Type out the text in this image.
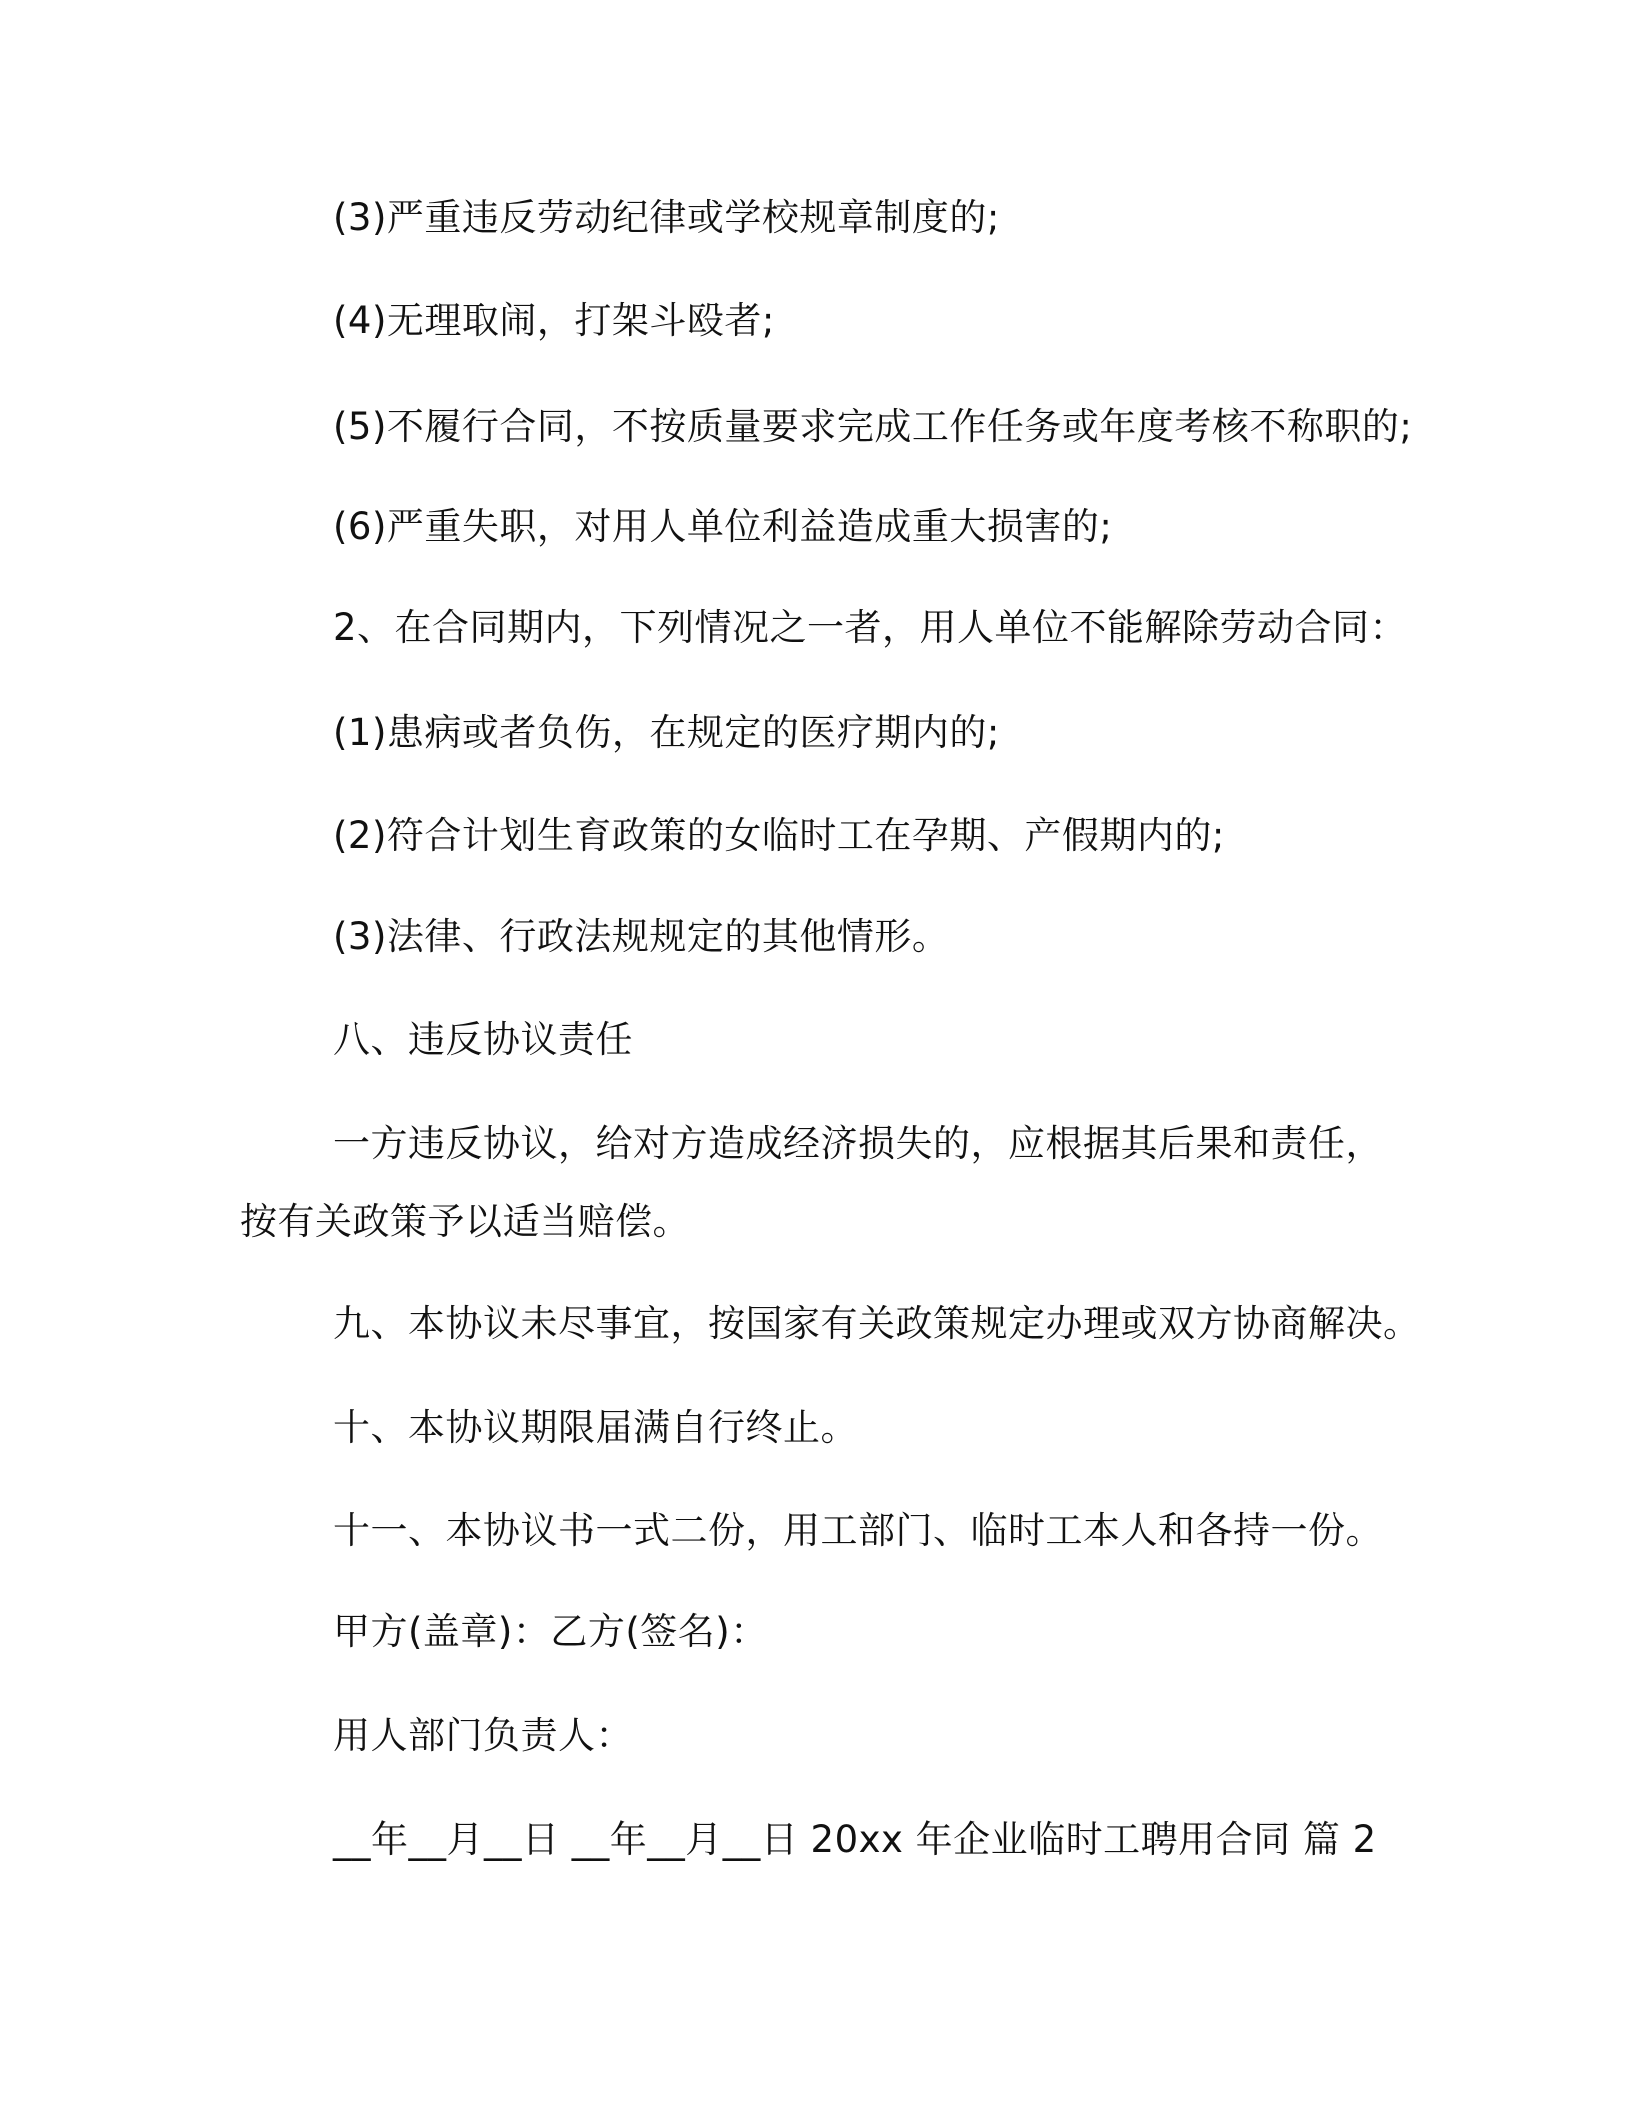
(3)严重违反劳动纪律或学校规章制度的;
(4)无理取闹，打架斗殴者;
(5)不履行合同，不按质量要求完成工作任务或年度考核不称职的;
(6)严重失职，对用人单位利益造成重大损害的;
2、在合同期内，下列情况之一者，用人单位不能解除劳动合同：
(1)患病或者负伤，在规定的医疗期内的;
(2)符合计划生育政策的女临时工在孕期、产假期内的;
(3)法律、行政法规规定的其他情形。
八、违反协议责任
一方违反协议，给对方造成经济损失的，应根据其后果和责任，
按有关政策予以适当赔偿。
九、本协议未尽事宜，按国家有关政策规定办理或双方协商解决。
十、本协议期限届满自行终止。
十一、本协议书一式二份，用工部门、临时工本人和各持一份。
甲方(盖章)：乙方(签名)：
用人部门负责人：
__年__月__日 __年__月__日 20xx 年企业临时工聘用合同 篇 2
